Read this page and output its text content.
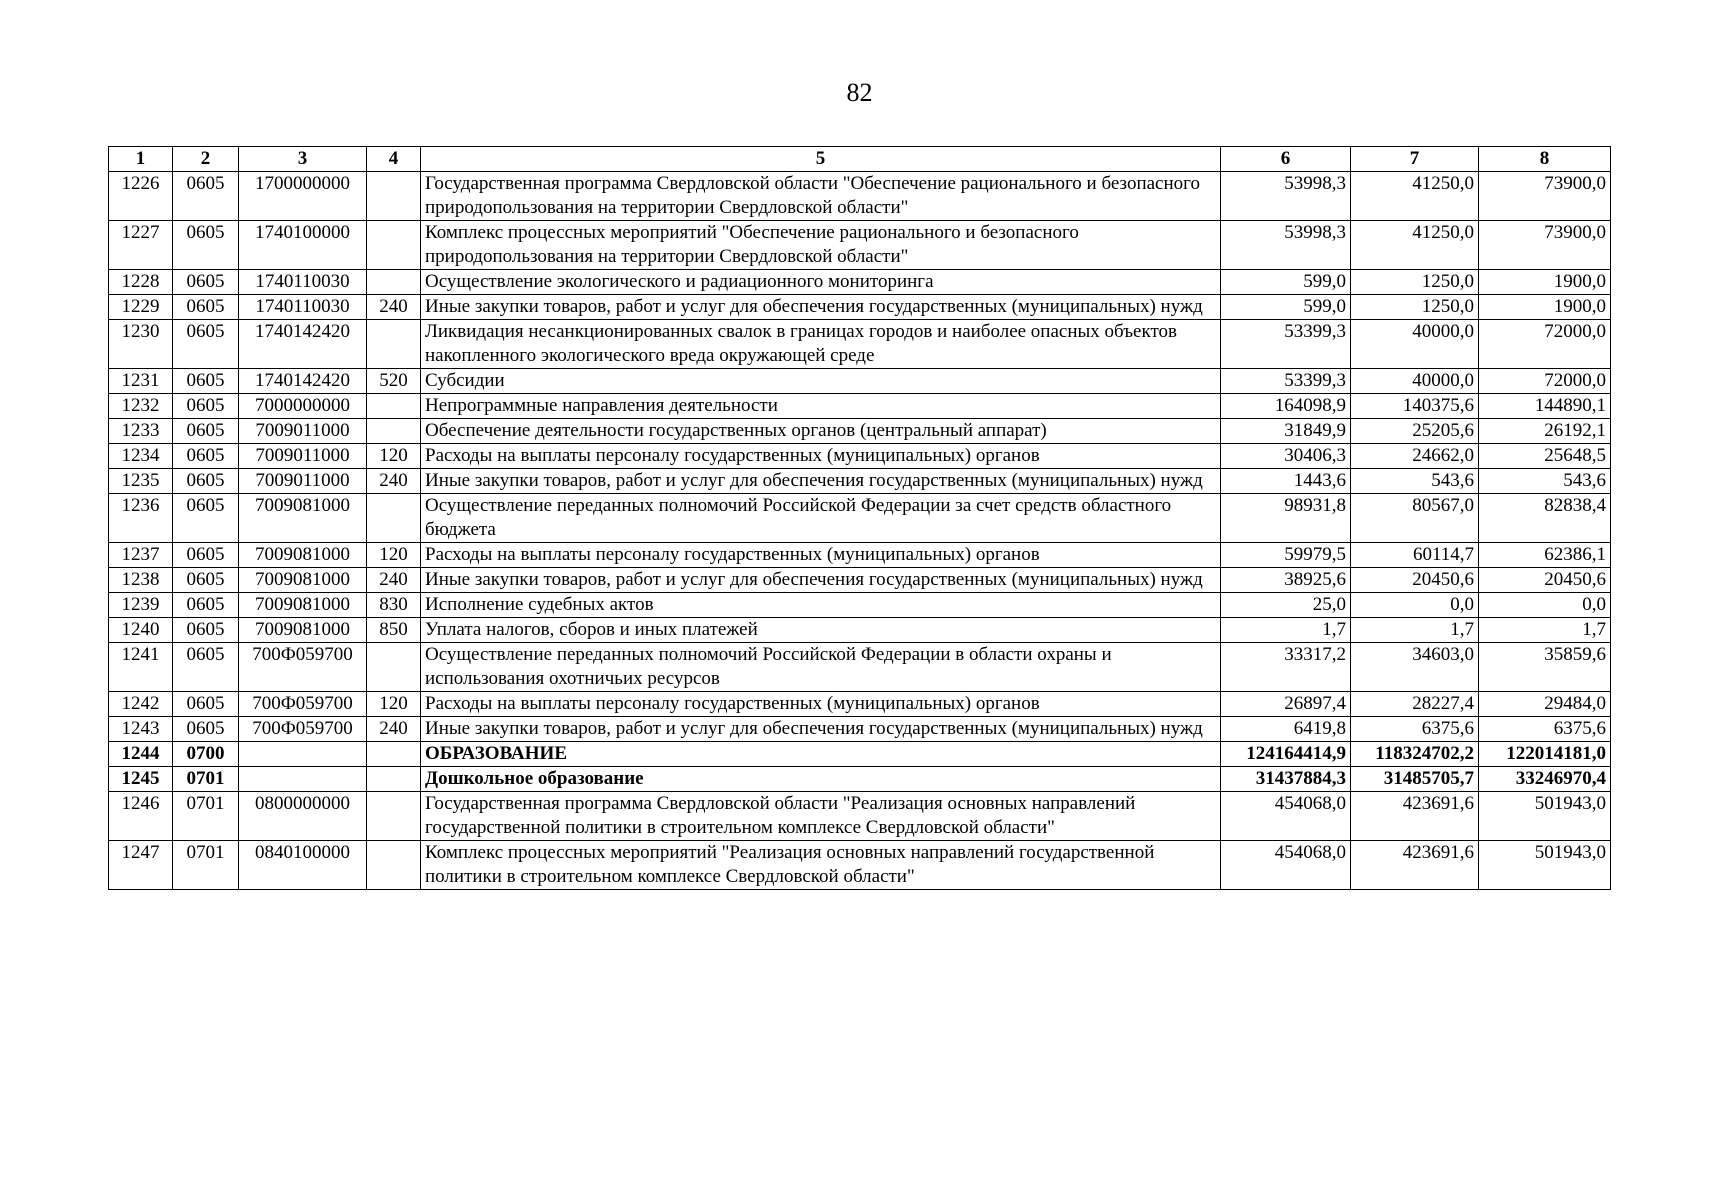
82
1	2	3	4	5	6	7	8
1226	0605	1700000000		Государственная программа Свердловской области "Обеспечение рационального и безопасного природопользования на территории Свердловской области"	53998,3	41250,0	73900,0
1227	0605	1740100000		Комплекс процессных мероприятий "Обеспечение рационального и безопасного природопользования на территории Свердловской области"	53998,3	41250,0	73900,0
1228	0605	1740110030		Осуществление экологического и радиационного мониторинга	599,0	1250,0	1900,0
1229	0605	1740110030	240	Иные закупки товаров, работ и услуг для обеспечения государственных (муниципальных) нужд	599,0	1250,0	1900,0
1230	0605	1740142420		Ликвидация несанкционированных свалок в границах городов и наиболее опасных объектов накопленного экологического вреда окружающей среде	53399,3	40000,0	72000,0
1231	0605	1740142420	520	Субсидии	53399,3	40000,0	72000,0
1232	0605	7000000000		Непрограммные направления деятельности	164098,9	140375,6	144890,1
1233	0605	7009011000		Обеспечение деятельности государственных органов (центральный аппарат)	31849,9	25205,6	26192,1
1234	0605	7009011000	120	Расходы на выплаты персоналу государственных (муниципальных) органов	30406,3	24662,0	25648,5
1235	0605	7009011000	240	Иные закупки товаров, работ и услуг для обеспечения государственных (муниципальных) нужд	1443,6	543,6	543,6
1236	0605	7009081000		Осуществление переданных полномочий Российской Федерации за счет средств областного бюджета	98931,8	80567,0	82838,4
1237	0605	7009081000	120	Расходы на выплаты персоналу государственных (муниципальных) органов	59979,5	60114,7	62386,1
1238	0605	7009081000	240	Иные закупки товаров, работ и услуг для обеспечения государственных (муниципальных) нужд	38925,6	20450,6	20450,6
1239	0605	7009081000	830	Исполнение судебных актов	25,0	0,0	0,0
1240	0605	7009081000	850	Уплата налогов, сборов и иных платежей	1,7	1,7	1,7
1241	0605	700Ф059700		Осуществление переданных полномочий Российской Федерации в области охраны и использования охотничьих ресурсов	33317,2	34603,0	35859,6
1242	0605	700Ф059700	120	Расходы на выплаты персоналу государственных (муниципальных) органов	26897,4	28227,4	29484,0
1243	0605	700Ф059700	240	Иные закупки товаров, работ и услуг для обеспечения государственных (муниципальных) нужд	6419,8	6375,6	6375,6
1244	0700			ОБРАЗОВАНИЕ	124164414,9	118324702,2	122014181,0
1245	0701			Дошкольное образование	31437884,3	31485705,7	33246970,4
1246	0701	0800000000		Государственная программа Свердловской области "Реализация основных направлений государственной политики в строительном комплексе Свердловской области"	454068,0	423691,6	501943,0
1247	0701	0840100000		Комплекс процессных мероприятий "Реализация основных направлений государственной политики в строительном комплексе Свердловской области"	454068,0	423691,6	501943,0
